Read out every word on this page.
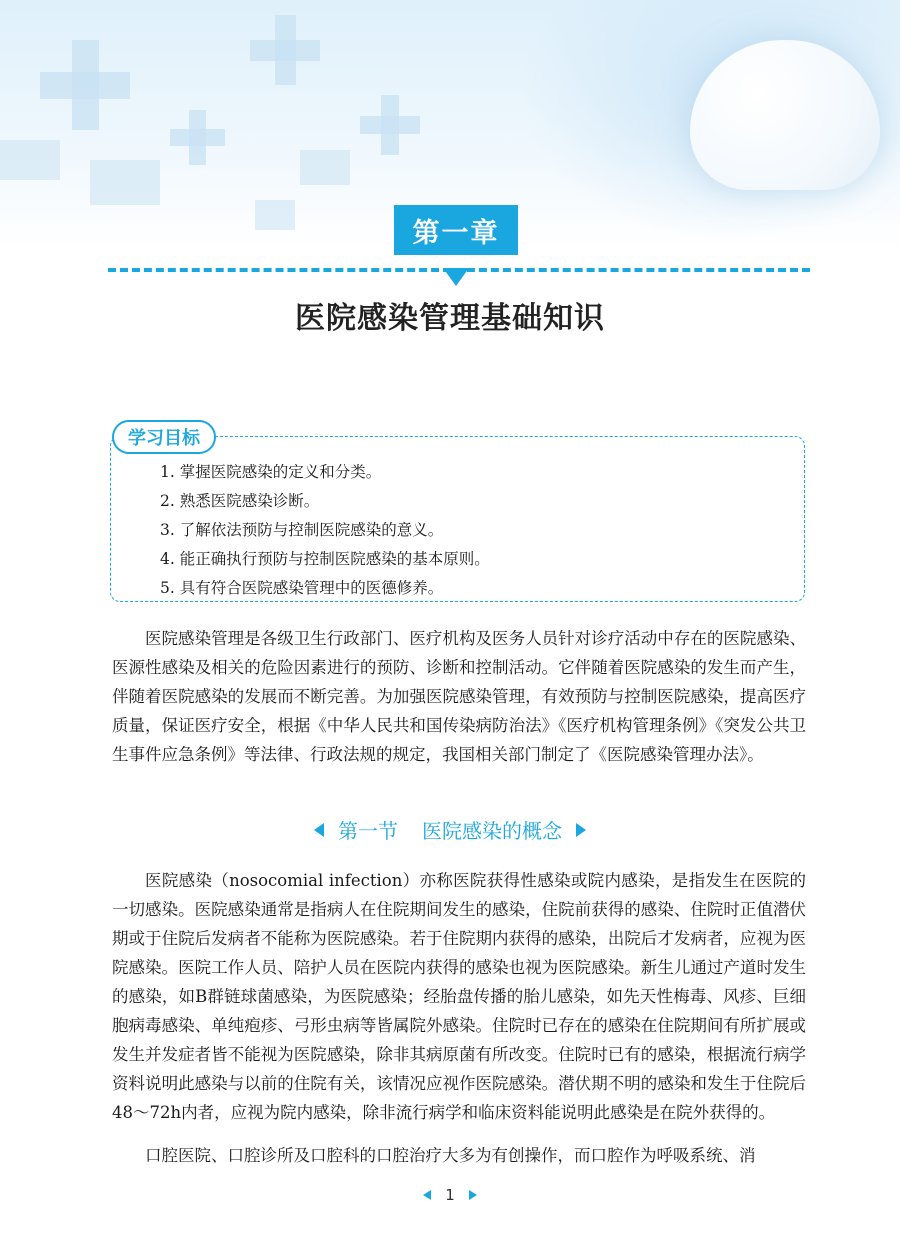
第一章
医院感染管理基础知识
学习目标
1. 掌握医院感染的定义和分类。
2. 熟悉医院感染诊断。
3. 了解依法预防与控制医院感染的意义。
4. 能正确执行预防与控制医院感染的基本原则。
5. 具有符合医院感染管理中的医德修养。

医院感染管理是各级卫生行政部门、医疗机构及医务人员针对诊疗活动中存在的医院感染、医源性感染及相关的危险因素进行的预防、诊断和控制活动。它伴随着医院感染的发生而产生，伴随着医院感染的发展而不断完善。为加强医院感染管理，有效预防与控制医院感染，提高医疗质量，保证医疗安全，根据《中华人民共和国传染病防治法》《医疗机构管理条例》《突发公共卫生事件应急条例》等法律、行政法规的规定，我国相关部门制定了《医院感染管理办法》。

第一节 医院感染的概念

医院感染（nosocomial infection）亦称医院获得性感染或院内感染，是指发生在医院的一切感染。医院感染通常是指病人在住院期间发生的感染，住院前获得的感染、住院时正值潜伏期或于住院后发病者不能称为医院感染。若于住院期内获得的感染，出院后才发病者，应视为医院感染。医院工作人员、陪护人员在医院内获得的感染也视为医院感染。新生儿通过产道时发生的感染，如B群链球菌感染，为医院感染；经胎盘传播的胎儿感染，如先天性梅毒、风疹、巨细胞病毒感染、单纯疱疹、弓形虫病等皆属院外感染。住院时已存在的感染在住院期间有所扩展或发生并发症者皆不能视为医院感染，除非其病原菌有所改变。住院时已有的感染，根据流行病学资料说明此感染与以前的住院有关，该情况应视作医院感染。潜伏期不明的感染和发生于住院后48～72h内者，应视为院内感染，除非流行病学和临床资料能说明此感染是在院外获得的。

口腔医院、口腔诊所及口腔科的口腔治疗大多为有创操作，而口腔作为呼吸系统、消

1
